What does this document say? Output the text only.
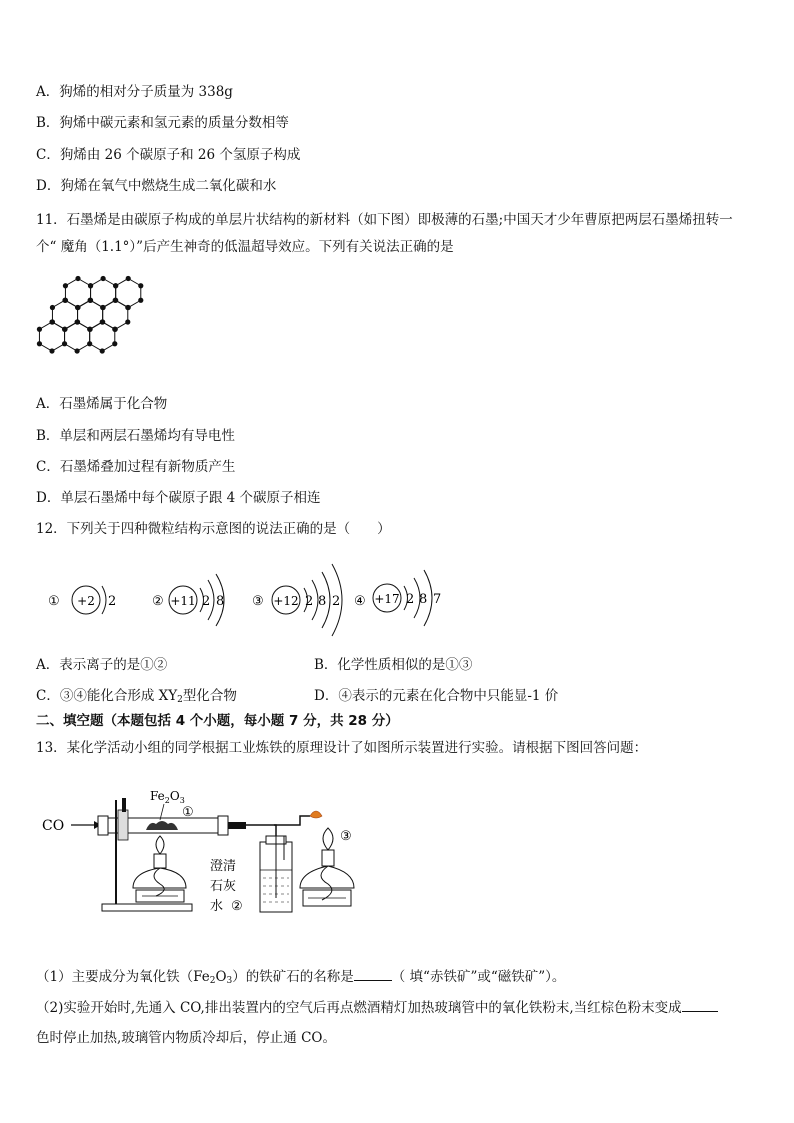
A．狗烯的相对分子质量为 338g
B．狗烯中碳元素和氢元素的质量分数相等
C．狗烯由 26 个碳原子和 26 个氢原子构成
D．狗烯在氧气中燃烧生成二氧化碳和水
11．石墨烯是由碳原子构成的单层片状结构的新材料（如下图）即极薄的石墨;中国天才少年曹原把两层石墨烯扭转一
个“ 魔角（1.1°）”后产生神奇的低温超导效应。下列有关说法正确的是
A．石墨烯属于化合物
B．单层和两层石墨烯均有导电性
C．石墨烯叠加过程有新物质产生
D．单层石墨烯中每个碳原子跟 4 个碳原子相连
12．下列关于四种微粒结构示意图的说法正确的是（　　）
① +2 2	② +11 2 8 ③ +12 2 8 2 ④ +17 2 8 7
A．表示离子的是①②	B．化学性质相似的是①③
C．③④能化合形成 $XY_2$型化合物	D．④表示的元素在化合物中只能显-1 价
二、填空题（本题包括 4 个小题，每小题 7 分，共 28 分）
13．某化学活动小组的同学根据工业炼铁的原理设计了如图所示装置进行实验。请根据下图回答问题：
CO
$Fe_2O_3$
①
③
澄清
石灰
水 ②
（1）主要成分为氧化铁$(Fe_2O_3)$的铁矿石的名称是	（ 填“赤铁矿”或“磁铁矿”）。
（2)实验开始时,先通入 CO,排出装置内的空气后再点燃酒精灯加热玻璃管中的氧化铁粉末,当红棕色粉末变成
色时停止加热,玻璃管内物质冷却后，停止通 CO。
